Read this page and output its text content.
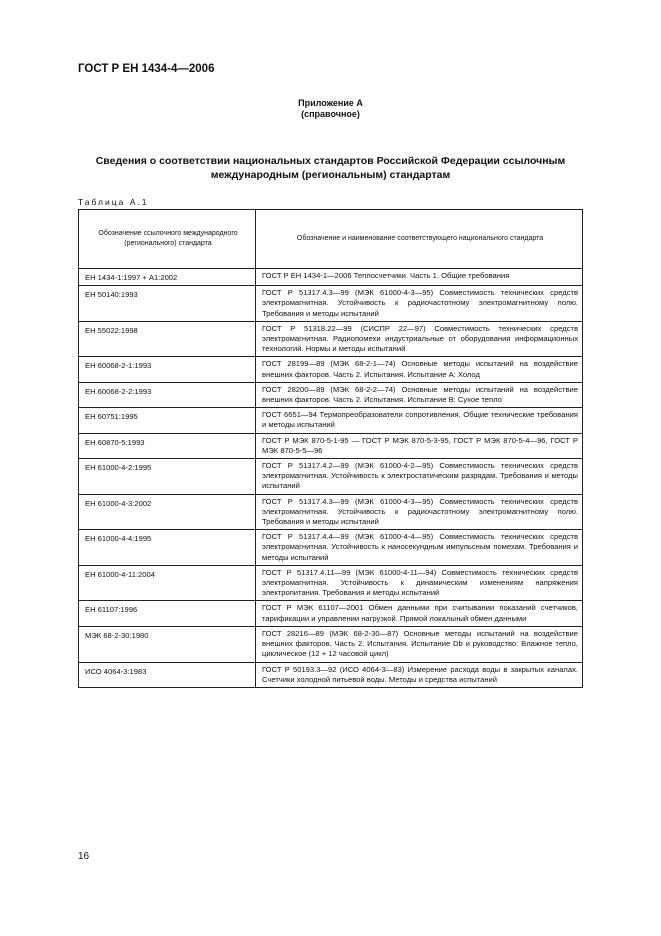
ГОСТ Р ЕН 1434-4—2006
Приложение А
(справочное)
Сведения о соответствии национальных стандартов Российской Федерации ссылочным международным (региональным) стандартам
Таблица А.1
Обозначение ссылочного международного (регионального) стандарта	Обозначение и наименование соответствующего национального стандарта
ЕН 1434-1:1997 + А1:2002	ГОСТ Р ЕН 1434-1—2006 Теплосчетчики. Часть 1. Общие требования
ЕН 50140:1993	ГОСТ Р 51317.4.3—99 (МЭК 61000-4-3—95) Совместимость технических средств электромагнитная. Устойчивость к радиочастотному электромагнитному полю. Требования и методы испытаний
ЕН 55022:1998	ГОСТ Р 51318.22—99 (СИСПР 22—97) Совместимость технических средств электромагнитная. Радиопомехи индустриальные от оборудования информационных технологий. Нормы и методы испытаний
ЕН 60068-2-1:1993	ГОСТ 28199—89 (МЭК 68-2-1—74) Основные методы испытаний на воздействие внешних факторов. Часть 2. Испытания. Испытание А: Холод
ЕН 60068-2-2:1993	ГОСТ 28200—89 (МЭК 68-2-2—74) Основные методы испытаний на воздействие внешних факторов. Часть 2. Испытания. Испытание В: Сухое тепло
ЕН 60751:1995	ГОСТ 6651—94 Термопреобразователи сопротивления. Общие технические требования и методы испытаний
ЕН 60870-5:1993	ГОСТ Р МЭК 870-5-1-95 — ГОСТ Р МЭК 870-5-3-95, ГОСТ Р МЭК 870-5-4—96, ГОСТ Р МЭК 870-5-5—96
ЕН 61000-4-2:1995	ГОСТ Р 51317.4.2—99 (МЭК 61000-4-2—95) Совместимость технических средств электромагнитная. Устойчивость к электростатическим разрядам. Требования и методы испытаний
ЕН 61000-4-3:2002	ГОСТ Р 51317.4.3—99 (МЭК 61000-4-3—95) Совместимость технических средств электромагнитная. Устойчивость к радиочастотному электромагнитному полю. Требования и методы испытаний
ЕН 61000-4-4:1995	ГОСТ Р 51317.4.4—99 (МЭК 61000-4-4—95) Совместимость технических средств электромагнитная. Устойчивость к наносекундным импульсным помехам. Требования и методы испытаний
ЕН 61000-4-11:2004	ГОСТ Р 51317.4.11—99 (МЭК 61000-4-11—94) Совместимость технических средств электромагнитная. Устойчивость к динамическим изменениям напряжения электропитания. Требования и методы испытаний
ЕН 61107:1996	ГОСТ Р МЭК 61107—2001 Обмен данными при считывании показаний счетчиков, тарификации и управлении нагрузкой. Прямой локальный обмен данными
МЭК 68-2-30:1980	ГОСТ 28216—89 (МЭК 68-2-30—87) Основные методы испытаний на воздействие внешних факторов. Часть 2. Испытания. Испытание Db и руководство: Влажное тепло, циклическое (12 + 12 часовой цикл)
ИСО 4064-3:1983	ГОСТ Р 50193.3—92 (ИСО 4064-3—83) Измерение расхода воды в закрытых каналах. Счетчики холодной питьевой воды. Методы и средства испытаний
16
